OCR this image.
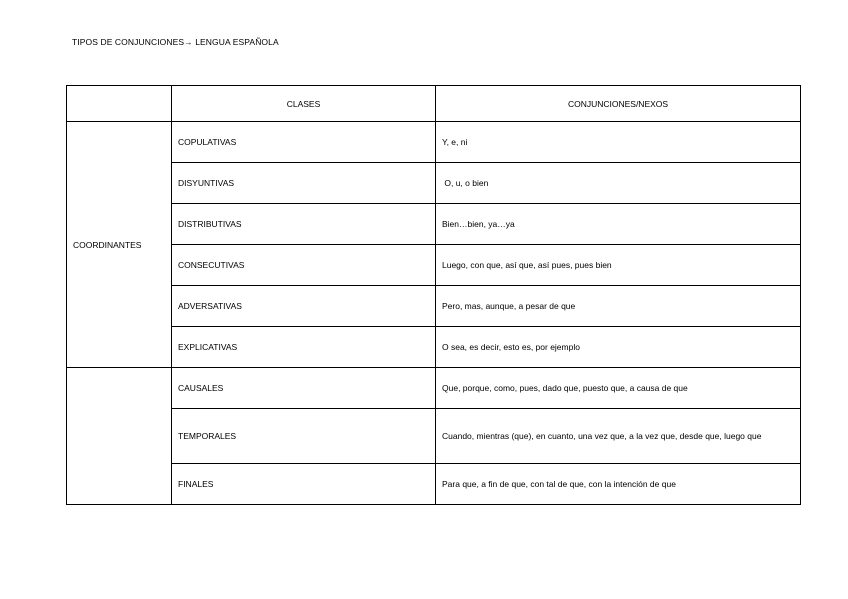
TIPOS DE CONJUNCIONES→ LENGUA ESPAÑOLA
	CLASES	CONJUNCIONES/NEXOS
COORDINANTES	COPULATIVAS	Y, e, ni
	DISYUNTIVAS	O, u, o bien
	DISTRIBUTIVAS	Bien…bien, ya…ya
	CONSECUTIVAS	Luego, con que, así que, así pues, pues bien
	ADVERSATIVAS	Pero, mas, aunque, a pesar de que
	EXPLICATIVAS	O sea, es decir, esto es, por ejemplo
	CAUSALES	Que, porque, como, pues, dado que, puesto que, a causa de que
	TEMPORALES	Cuando, mientras (que), en cuanto, una vez que, a la vez que, desde que, luego que
	FINALES	Para que, a fin de que, con tal de que, con la intención de que
